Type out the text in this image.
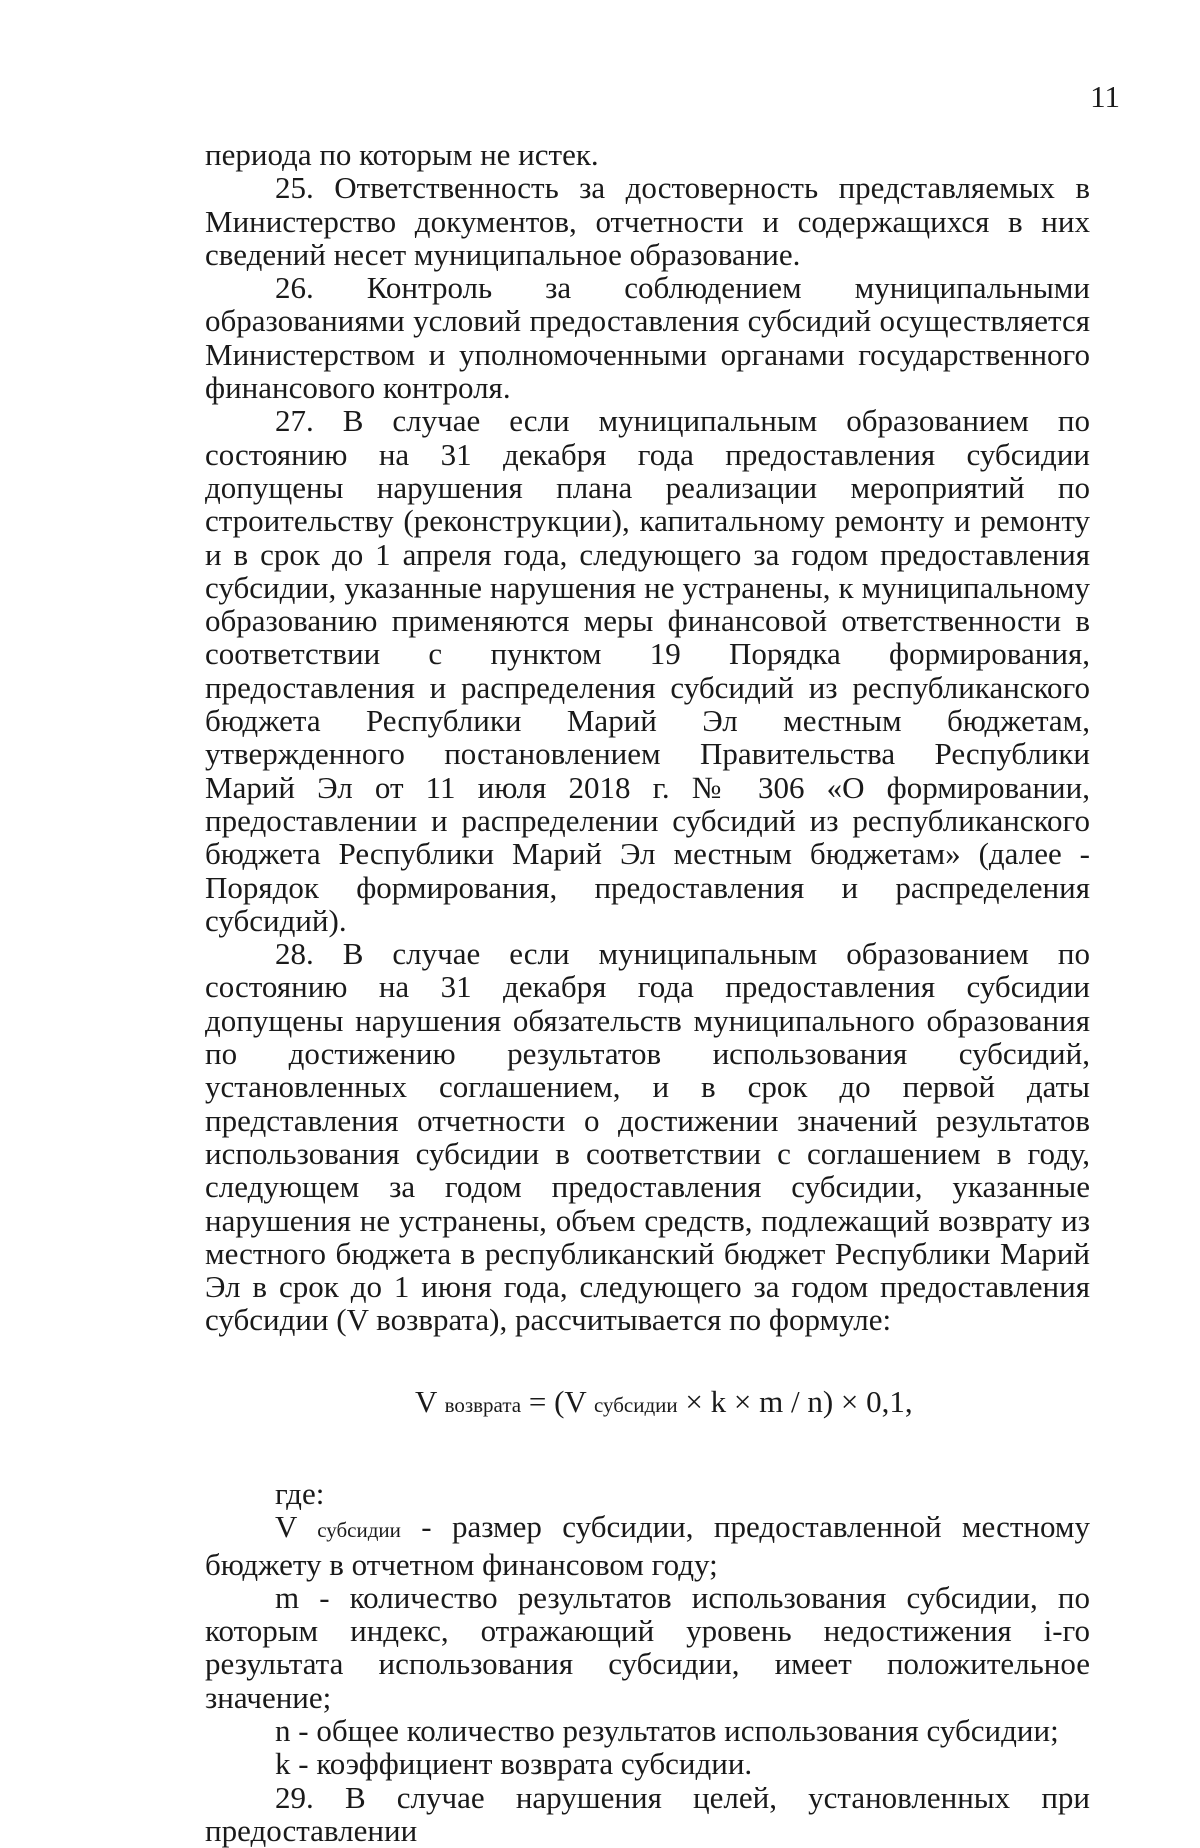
11

периода по которым не истек.

25. Ответственность за достоверность представляемых в Министерство документов, отчетности и содержащихся в них сведений несет муниципальное образование.

26. Контроль за соблюдением муниципальными образованиями условий предоставления субсидий осуществляется Министерством и уполномоченными органами государственного финансового контроля.

27. В случае если муниципальным образованием по состоянию на 31 декабря года предоставления субсидии допущены нарушения плана реализации мероприятий по строительству (реконструкции), капитальному ремонту и ремонту и в срок до 1 апреля года, следующего за годом предоставления субсидии, указанные нарушения не устранены, к муниципальному образованию применяются меры финансовой ответственности в соответствии с пунктом 19 Порядка формирования, предоставления и распределения субсидий из республиканского бюджета Республики Марий Эл местным бюджетам, утвержденного постановлением Правительства Республики Марий Эл от 11 июля 2018 г. № 306 «О формировании, предоставлении и распределении субсидий из республиканского бюджета Республики Марий Эл местным бюджетам» (далее - Порядок формирования, предоставления и распределения субсидий).

28. В случае если муниципальным образованием по состоянию на 31 декабря года предоставления субсидии допущены нарушения обязательств муниципального образования по достижению результатов использования субсидий, установленных соглашением, и в срок до первой даты представления отчетности о достижении значений результатов использования субсидии в соответствии с соглашением в году, следующем за годом предоставления субсидии, указанные нарушения не устранены, объем средств, подлежащий возврату из местного бюджета в республиканский бюджет Республики Марий Эл в срок до 1 июня года, следующего за годом предоставления субсидии (V возврата), рассчитывается по формуле:

V возврата = (V субсидии × k × m / n) × 0,1,

где:

V субсидии - размер субсидии, предоставленной местному бюджету в отчетном финансовом году;

m - количество результатов использования субсидии, по которым индекс, отражающий уровень недостижения i-го результата использования субсидии, имеет положительное значение;

n - общее количество результатов использования субсидии;

k - коэффициент возврата субсидии.

29. В случае нарушения целей, установленных при предоставлении
